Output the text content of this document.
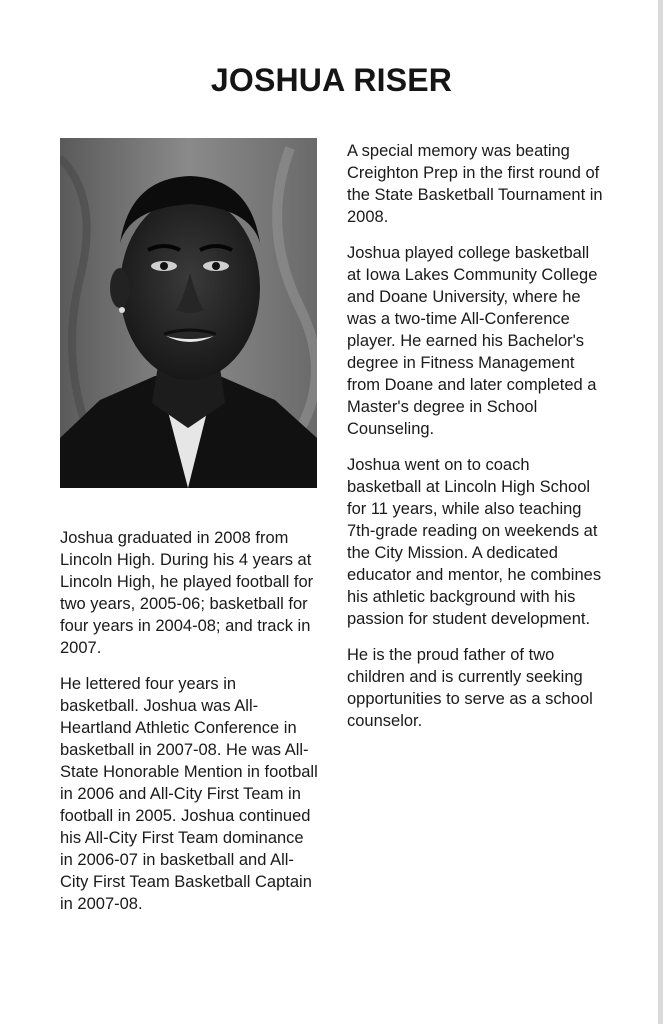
JOSHUA RISER

Joshua graduated in 2008 from Lincoln High. During his 4 years at Lincoln High, he played football for two years, 2005-06; basketball for four years in 2004-08; and track in 2007.

He lettered four years in basketball. Joshua was All-Heartland Athletic Conference in basketball in 2007-08. He was All-State Honorable Mention in football in 2006 and All-City First Team in football in 2005. Joshua continued his All-City First Team dominance in 2006-07 in basketball and All-City First Team Basketball Captain in 2007-08.

A special memory was beating Creighton Prep in the first round of the State Basketball Tournament in 2008.

Joshua played college basketball at Iowa Lakes Community College and Doane University, where he was a two-time All-Conference player. He earned his Bachelor's degree in Fitness Management from Doane and later completed a Master's degree in School Counseling.

Joshua went on to coach basketball at Lincoln High School for 11 years, while also teaching 7th-grade reading on weekends at the City Mission. A dedicated educator and mentor, he combines his athletic background with his passion for student development.

He is the proud father of two children and is currently seeking opportunities to serve as a school counselor.
